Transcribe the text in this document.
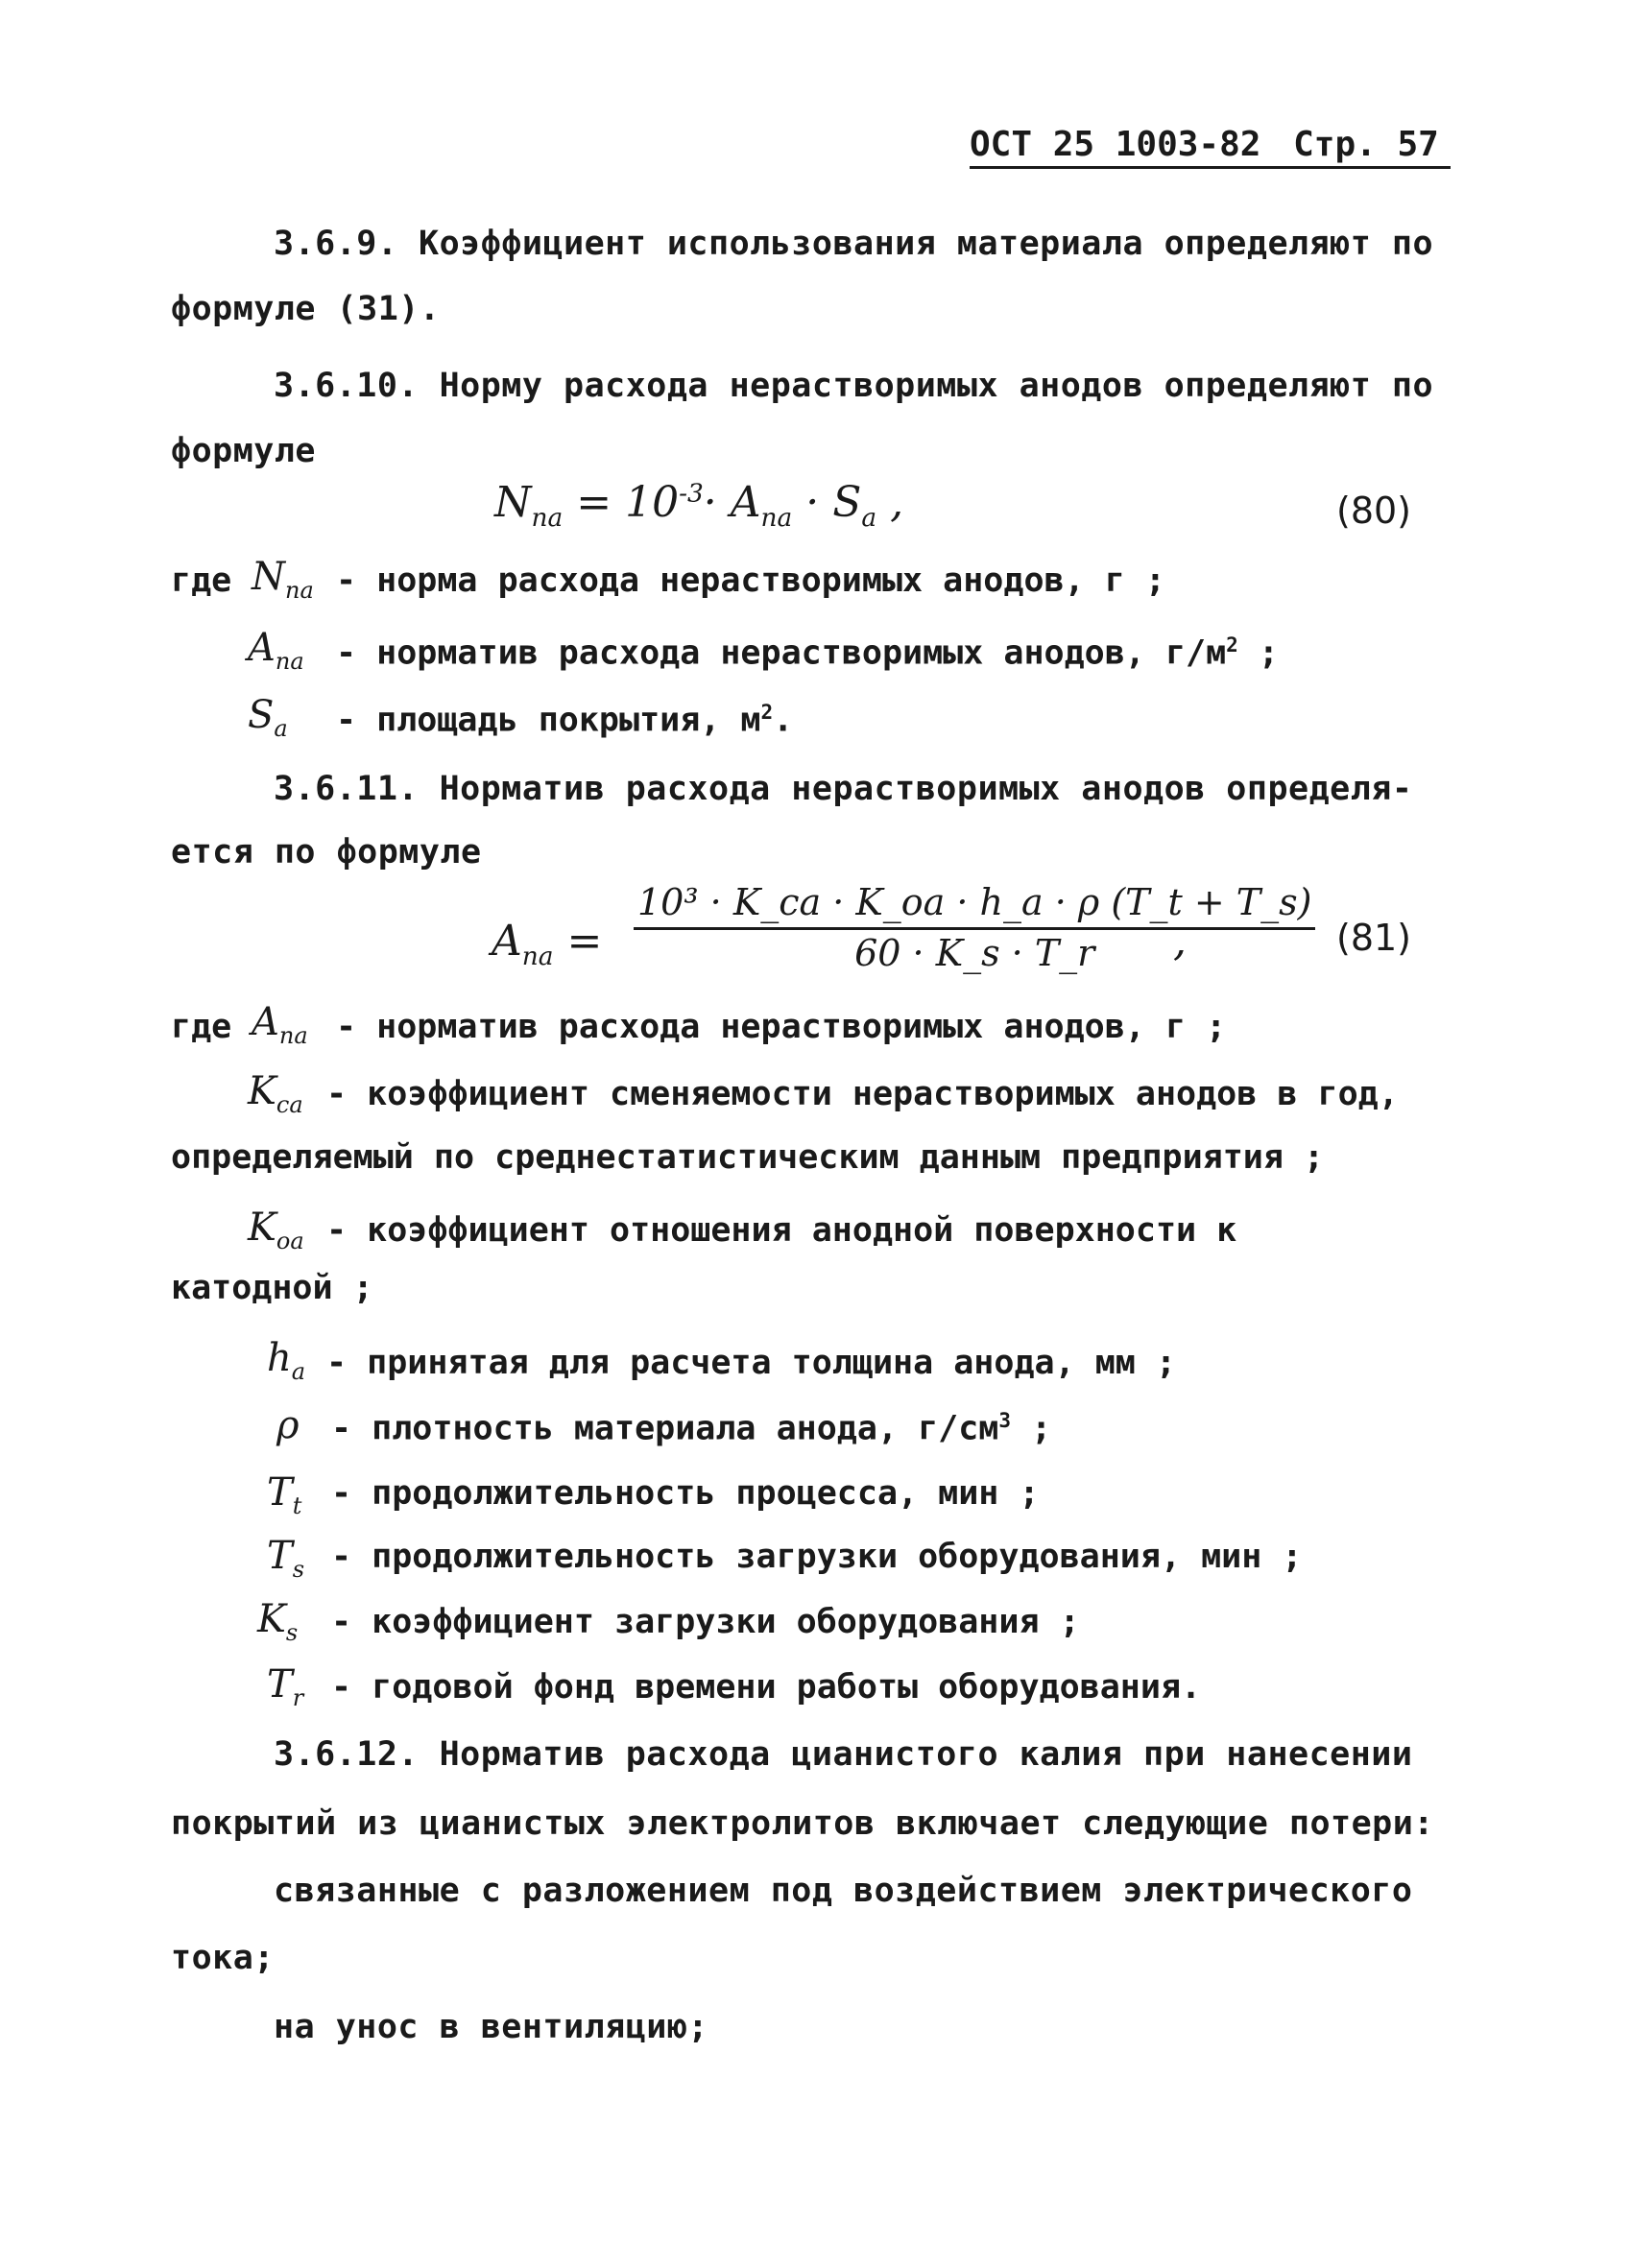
ОСТ 25 1003-82 Стр. 57
3.6.9. Коэффициент использования материала определяют по
формуле (31).
3.6.10. Норму расхода нерастворимых анодов определяют по
формуле
$N_{na} = 10^{-3}\cdot A_{na} \cdot S_a$ ,	(80)
где $N_{na}$ - норма расхода нерастворимых анодов, г ;
$A_{na}$ - норматив расхода нерастворимых анодов, $г/м^2$ ;
$S_a$ - площадь покрытия, $м^2$.
3.6.11. Норматив расхода нерастворимых анодов определя-
ется по формуле
$A_{na} = \frac{\text{10³ · K\_ca · K\_oa · h\_a · ρ (T\_t + T\_s)}}{60 \cdot K\_s \cdot T\_r}$
,	(81)
где $A_{na}$ - норматив расхода нерастворимых анодов, г ;
$K_{ca}$ - коэффициент сменяемости нерастворимых анодов в год,
определяемый по среднестатистическим данным предприятия ;
$K_{oa}$ - коэффициент отношения анодной поверхности к
катодной ;
$h_a$ - принятая для расчета толщина анода, мм ;
ρ - плотность материала анода, $г/см^3$ ;
$T_t$ - продолжительность процесса, мин ;
$T_s$ - продолжительность загрузки оборудования, мин ;
$K_s$ - коэффициент загрузки оборудования ;
$T_r$ - годовой фонд времени работы оборудования.
3.6.12. Норматив расхода цианистого калия при нанесении
покрытий из цианистых электролитов включает следующие потери:
связанные с разложением под воздействием электрического
тока;
на унос в вентиляцию;
